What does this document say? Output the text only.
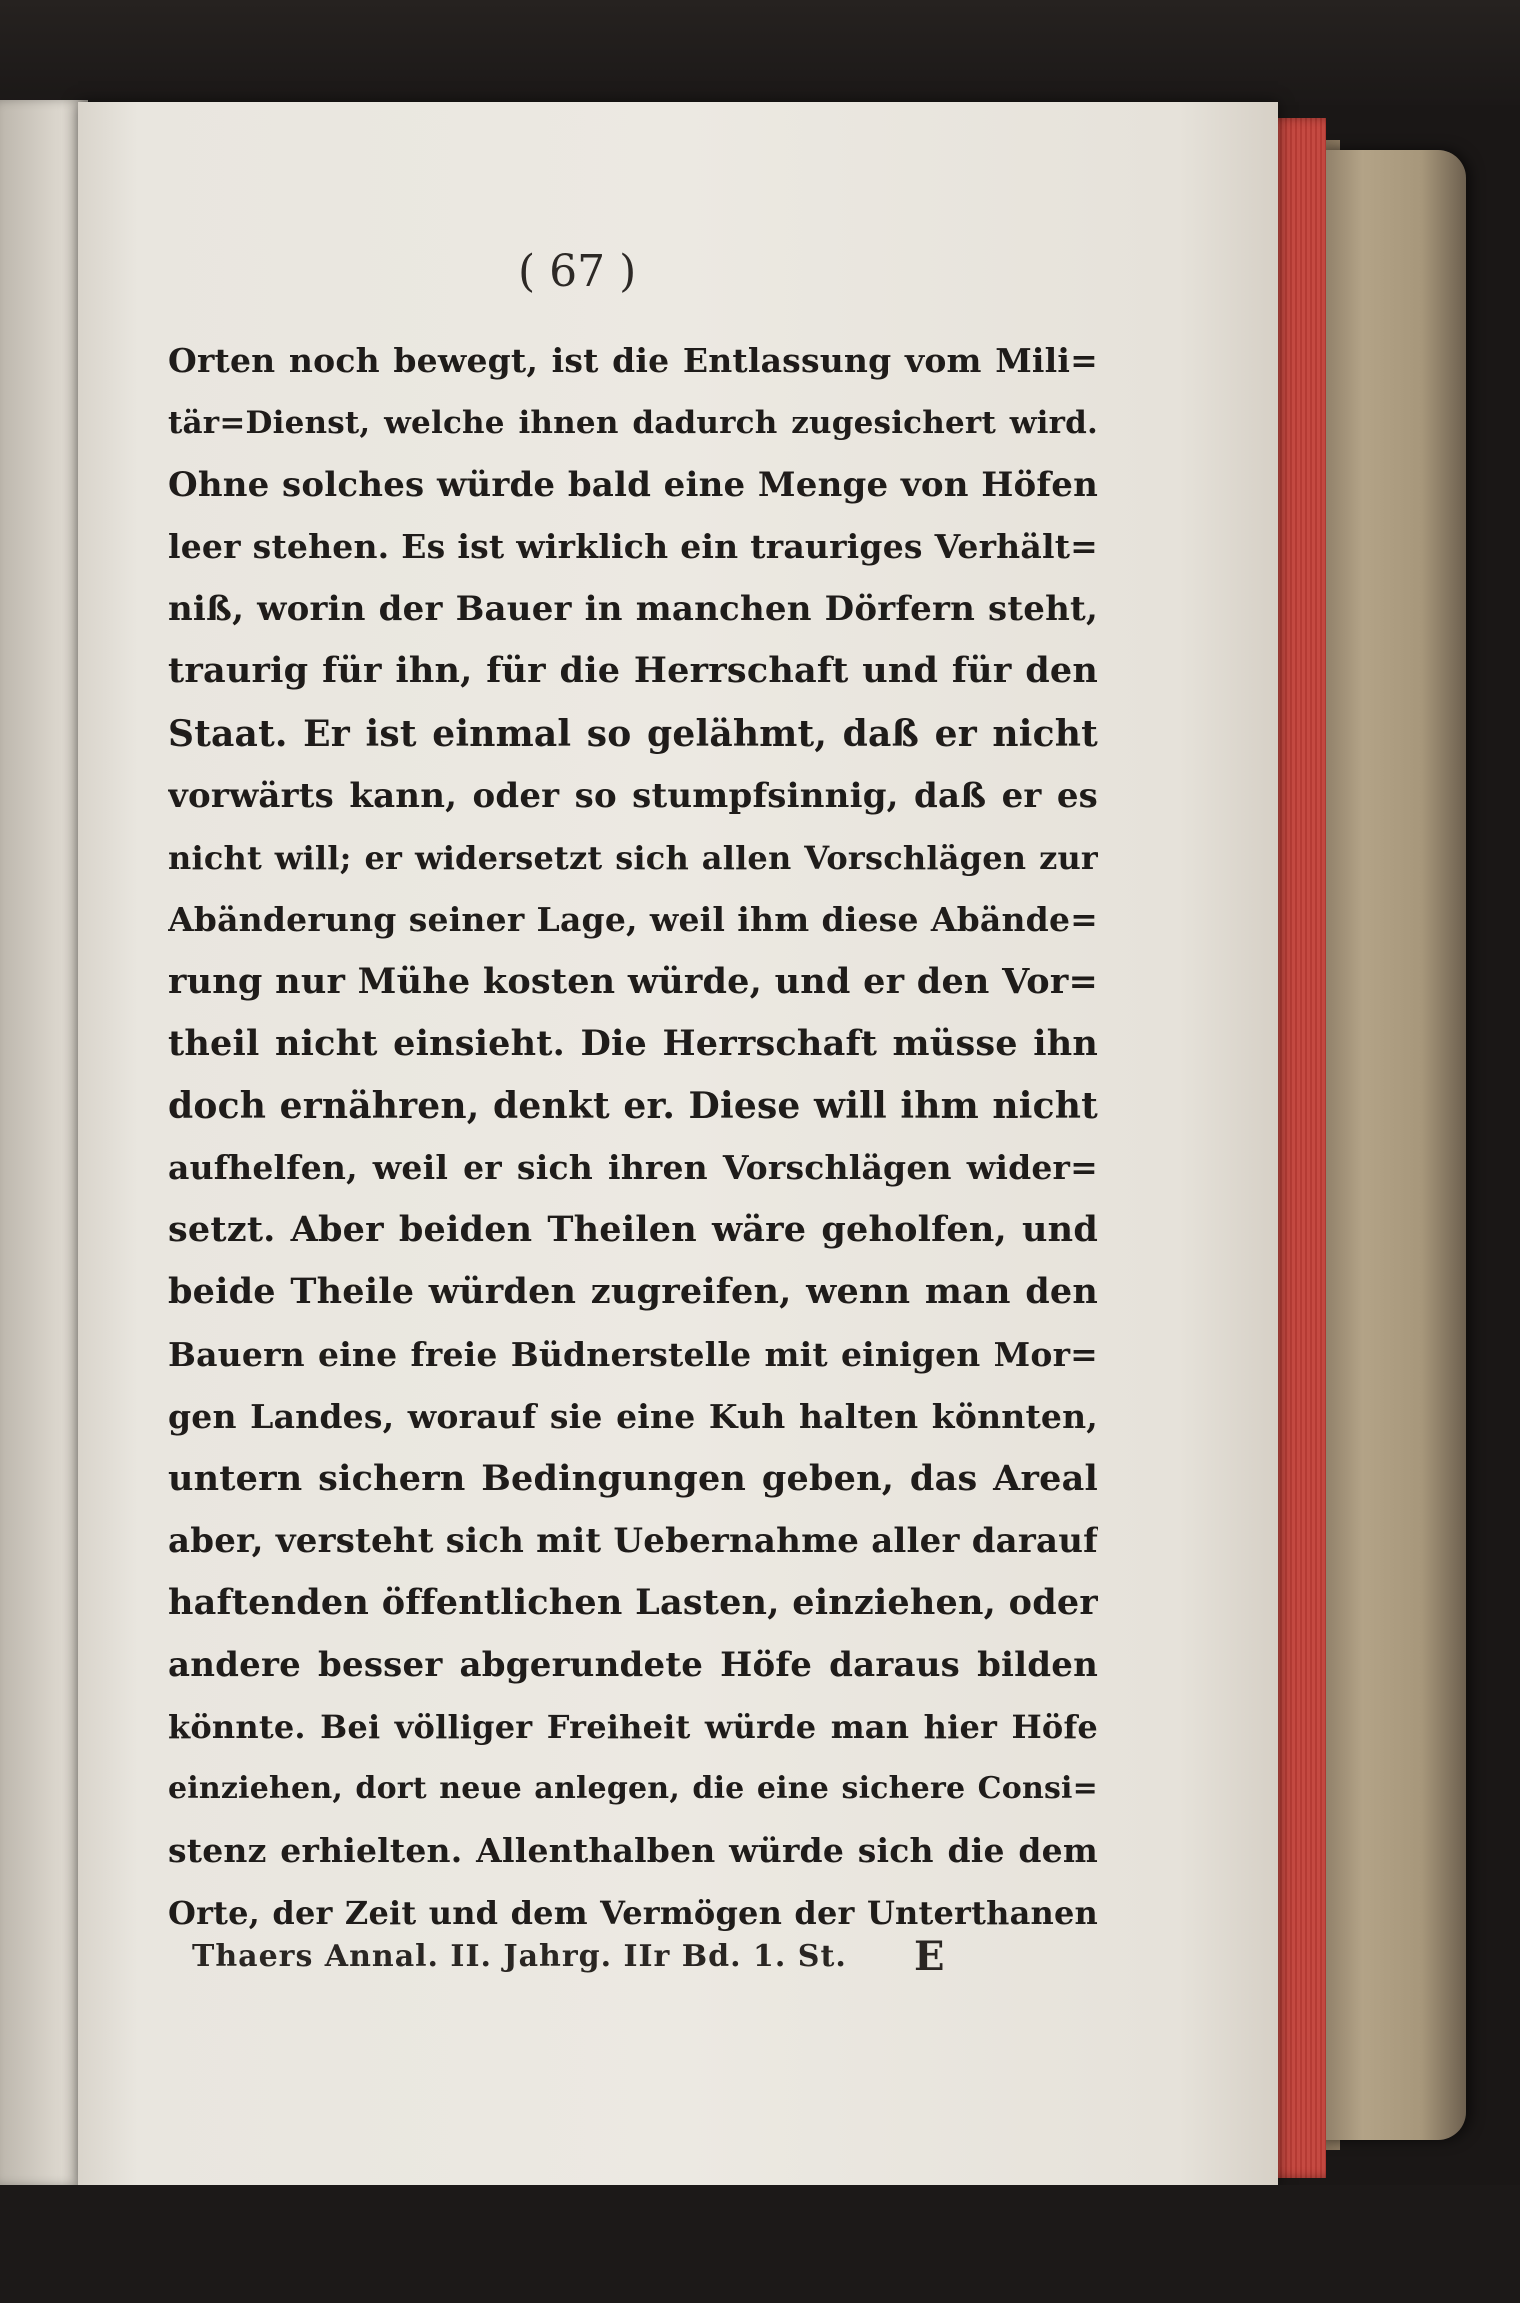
( 67 )
Orten noch bewegt, ist die Entlassung vom Mili=
tär=Dienst, welche ihnen dadurch zugesichert wird.
Ohne solches würde bald eine Menge von Höfen
leer stehen. Es ist wirklich ein trauriges Verhält=
niß, worin der Bauer in manchen Dörfern steht,
traurig für ihn, für die Herrschaft und für den
Staat. Er ist einmal so gelähmt, daß er nicht
vorwärts kann, oder so stumpfsinnig, daß er es
nicht will; er widersetzt sich allen Vorschlägen zur
Abänderung seiner Lage, weil ihm diese Abände=
rung nur Mühe kosten würde, und er den Vor=
theil nicht einsieht. Die Herrschaft müsse ihn
doch ernähren, denkt er. Diese will ihm nicht
aufhelfen, weil er sich ihren Vorschlägen wider=
setzt. Aber beiden Theilen wäre geholfen, und
beide Theile würden zugreifen, wenn man den
Bauern eine freie Büdnerstelle mit einigen Mor=
gen Landes, worauf sie eine Kuh halten könnten,
untern sichern Bedingungen geben, das Areal
aber, versteht sich mit Uebernahme aller darauf
haftenden öffentlichen Lasten, einziehen, oder
andere besser abgerundete Höfe daraus bilden
könnte. Bei völliger Freiheit würde man hier Höfe
einziehen, dort neue anlegen, die eine sichere Consi=
stenz erhielten. Allenthalben würde sich die dem
Orte, der Zeit und dem Vermögen der Unterthanen
Thaers Annal. II. Jahrg. IIr Bd. 1. St. E
